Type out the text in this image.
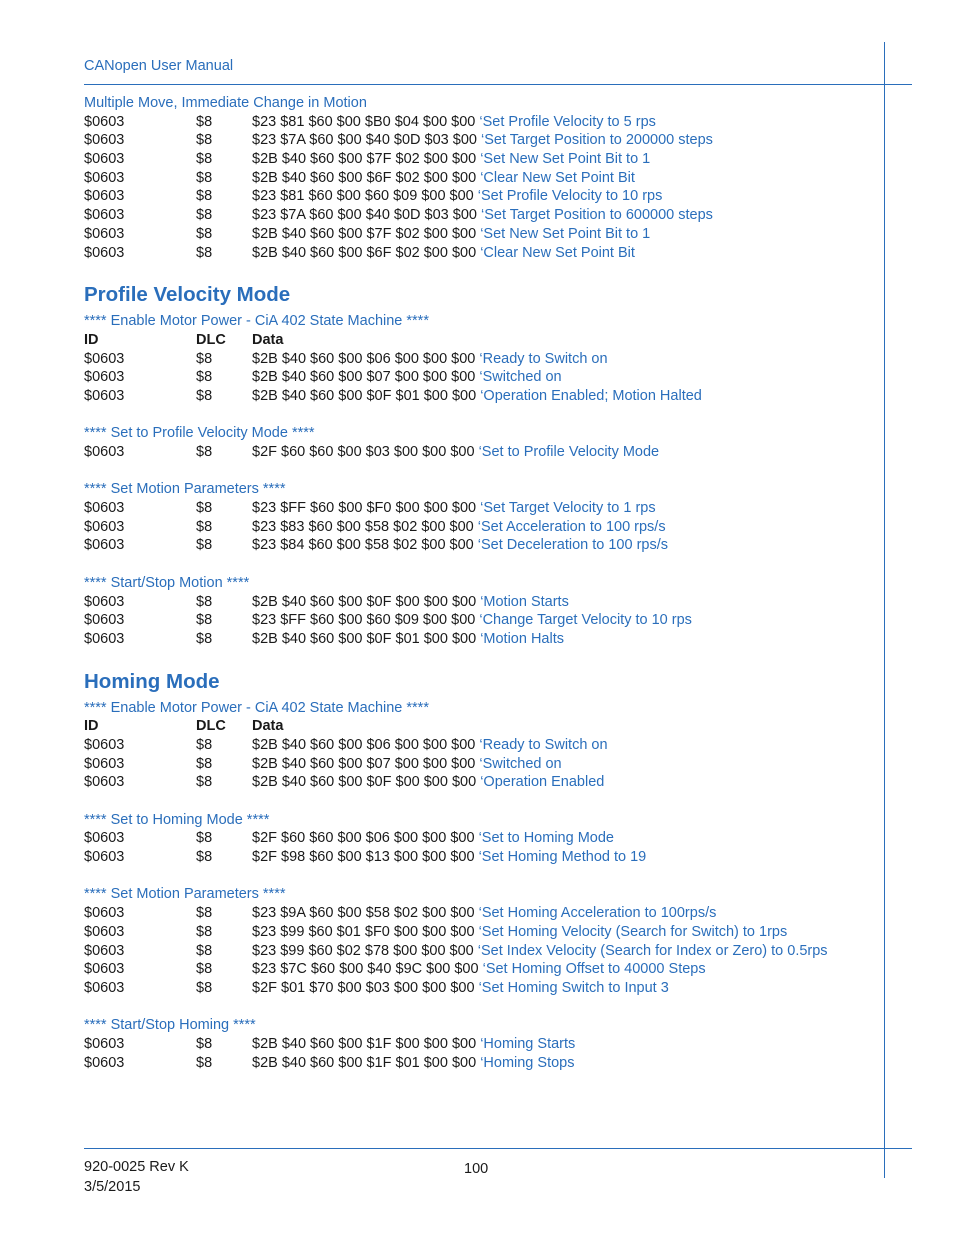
CANopen User Manual
Multiple Move, Immediate Change in Motion
$0603	$8	$23 $81 $60 $00 $B0 $04 $00 $00 ‘Set Profile Velocity to 5 rps
$0603	$8	$23 $7A $60 $00 $40 $0D $03 $00 ‘Set Target Position to 200000 steps
$0603	$8	$2B $40 $60 $00 $7F $02 $00 $00 ‘Set New Set Point Bit to 1
$0603	$8	$2B $40 $60 $00 $6F $02 $00 $00 ‘Clear New Set Point Bit
$0603	$8	$23 $81 $60 $00 $60 $09 $00 $00 ‘Set Profile Velocity to 10 rps
$0603	$8	$23 $7A $60 $00 $40 $0D $03 $00 ‘Set Target Position to 600000 steps
$0603	$8	$2B $40 $60 $00 $7F $02 $00 $00 ‘Set New Set Point Bit to 1
$0603	$8	$2B $40 $60 $00 $6F $02 $00 $00 ‘Clear New Set Point Bit
Profile Velocity Mode
**** Enable Motor Power - CiA 402 State Machine ****
ID	DLC Data
$0603	$8	$2B $40 $60 $00 $06 $00 $00 $00 ‘Ready to Switch on
$0603	$8	$2B $40 $60 $00 $07 $00 $00 $00 ‘Switched on
$0603	$8	$2B $40 $60 $00 $0F $01 $00 $00 ‘Operation Enabled; Motion Halted
**** Set to Profile Velocity Mode ****
$0603	$8	$2F $60 $60 $00 $03 $00 $00 $00 ‘Set to Profile Velocity Mode
**** Set Motion Parameters ****
$0603	$8	$23 $FF $60 $00 $F0 $00 $00 $00 ‘Set Target Velocity to 1 rps
$0603	$8	$23 $83 $60 $00 $58 $02 $00 $00 ‘Set Acceleration to 100 rps/s
$0603	$8	$23 $84 $60 $00 $58 $02 $00 $00 ‘Set Deceleration to 100 rps/s
**** Start/Stop Motion ****
$0603	$8	$2B $40 $60 $00 $0F $00 $00 $00 ‘Motion Starts
$0603	$8	$23 $FF $60 $00 $60 $09 $00 $00 ‘Change Target Velocity to 10 rps
$0603	$8	$2B $40 $60 $00 $0F $01 $00 $00 ‘Motion Halts
Homing Mode
**** Enable Motor Power - CiA 402 State Machine ****
ID	DLC Data
$0603	$8	$2B $40 $60 $00 $06 $00 $00 $00 ‘Ready to Switch on
$0603	$8	$2B $40 $60 $00 $07 $00 $00 $00 ‘Switched on
$0603	$8	$2B $40 $60 $00 $0F $00 $00 $00 ‘Operation Enabled
**** Set to Homing Mode ****
$0603	$8	$2F $60 $60 $00 $06 $00 $00 $00 ‘Set to Homing Mode
$0603	$8	$2F $98 $60 $00 $13 $00 $00 $00 ‘Set Homing Method to 19
**** Set Motion Parameters ****
$0603	$8	$23 $9A $60 $00 $58 $02 $00 $00 ‘Set Homing Acceleration to 100rps/s
$0603	$8	$23 $99 $60 $01 $F0 $00 $00 $00 ‘Set Homing Velocity (Search for Switch) to 1rps
$0603	$8	$23 $99 $60 $02 $78 $00 $00 $00 ‘Set Index Velocity (Search for Index or Zero) to 0.5rps
$0603	$8	$23 $7C $60 $00 $40 $9C $00 $00 ‘Set Homing Offset to 40000 Steps
$0603	$8	$2F $01 $70 $00 $03 $00 $00 $00 ‘Set Homing Switch to Input 3
**** Start/Stop Homing ****
$0603	$8	$2B $40 $60 $00 $1F $00 $00 $00 ‘Homing Starts
$0603	$8	$2B $40 $60 $00 $1F $01 $00 $00 ‘Homing Stops
920-0025 Rev K
3/5/2015
100
